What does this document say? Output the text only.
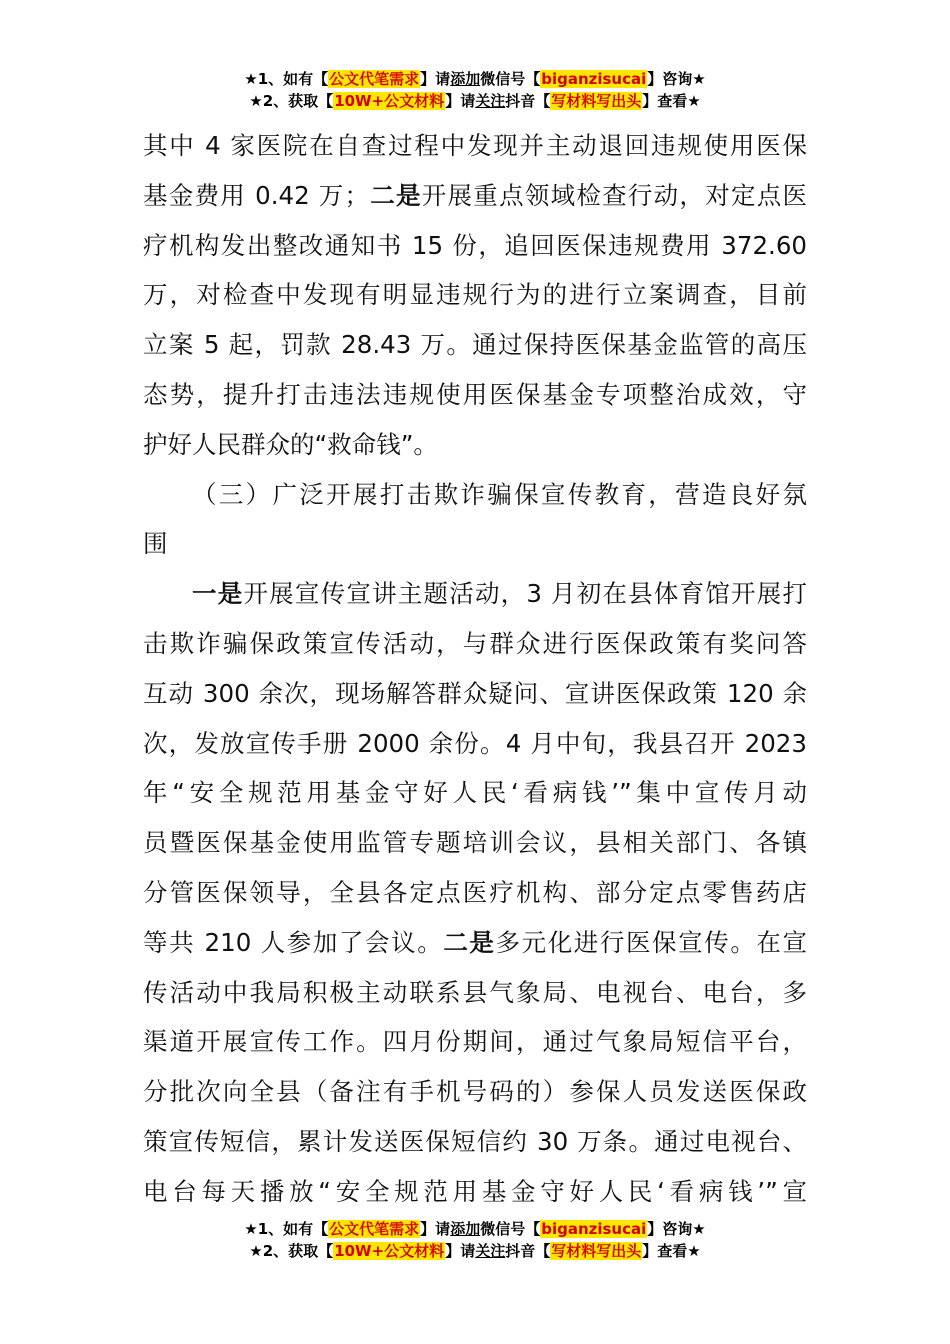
★1、如有【公文代笔需求】请添加微信号【biganzisucai】咨询★
★2、获取【10W+公文材料】请关注抖音【写材料写出头】查看★
其中 4 家医院在自查过程中发现并主动退回违规使用医保
基金费用 0.42 万；二是开展重点领域检查行动，对定点医
疗机构发出整改通知书 15 份，追回医保违规费用 372.60
万，对检查中发现有明显违规行为的进行立案调查，目前
立案 5 起，罚款 28.43 万。通过保持医保基金监管的高压
态势，提升打击违法违规使用医保基金专项整治成效，守
护好人民群众的“救命钱”。
（三）广泛开展打击欺诈骗保宣传教育，营造良好氛
围
一是开展宣传宣讲主题活动，3 月初在县体育馆开展打
击欺诈骗保政策宣传活动，与群众进行医保政策有奖问答
互动 300 余次，现场解答群众疑问、宣讲医保政策 120 余
次，发放宣传手册 2000 余份。4 月中旬，我县召开 2023
年“安全规范用基金守好人民‘看病钱’”集中宣传月动
员暨医保基金使用监管专题培训会议，县相关部门、各镇
分管医保领导，全县各定点医疗机构、部分定点零售药店
等共 210 人参加了会议。二是多元化进行医保宣传。在宣
传活动中我局积极主动联系县气象局、电视台、电台，多
渠道开展宣传工作。四月份期间，通过气象局短信平台，
分批次向全县（备注有手机号码的）参保人员发送医保政
策宣传短信，累计发送医保短信约 30 万条。通过电视台、
电台每天播放“安全规范用基金守好人民‘看病钱’”宣
★1、如有【公文代笔需求】请添加微信号【biganzisucai】咨询★
★2、获取【10W+公文材料】请关注抖音【写材料写出头】查看★
